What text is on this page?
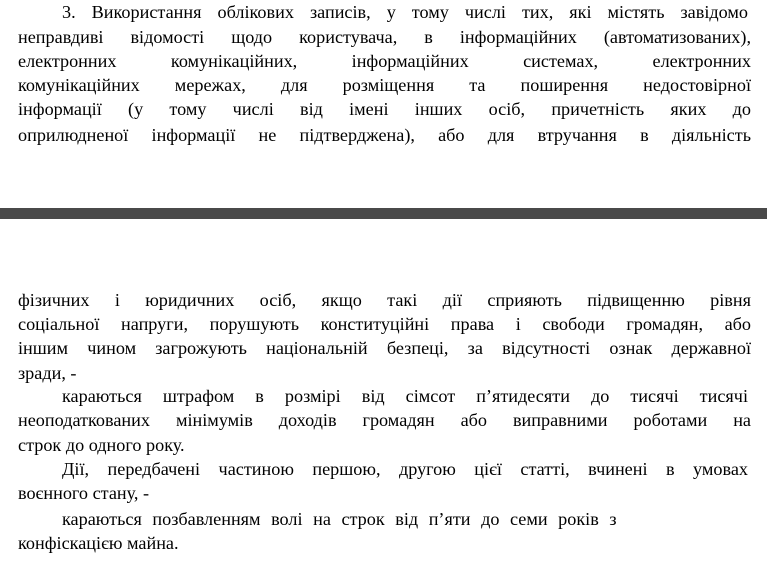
3. Використання облікових записів, у тому числі тих, які містять завідомо
неправдиві відомості щодо користувача, в інформаційних (автоматизованих),
електронних комунікаційних, інформаційних системах, електронних
комунікаційних мережах, для розміщення та поширення недостовірної
інформації (у тому числі від імені інших осіб, причетність яких до
оприлюдненої інформації не підтверджена), або для втручання в діяльність
фізичних і юридичних осіб, якщо такі дії сприяють підвищенню рівня
соціальної напруги, порушують конституційні права і свободи громадян, або
іншим чином загрожують національній безпеці, за відсутності ознак державної
зради, -
караються штрафом в розмірі від сімсот п’ятидесяти до тисячі тисячі
неоподаткованих мінімумів доходів громадян або виправними роботами на
строк до одного року.
Дії, передбачені частиною першою, другою цієї статті, вчинені в умовах
воєнного стану, -
караються позбавленням волі на строк від п’яти до семи років з
конфіскацією майна.
